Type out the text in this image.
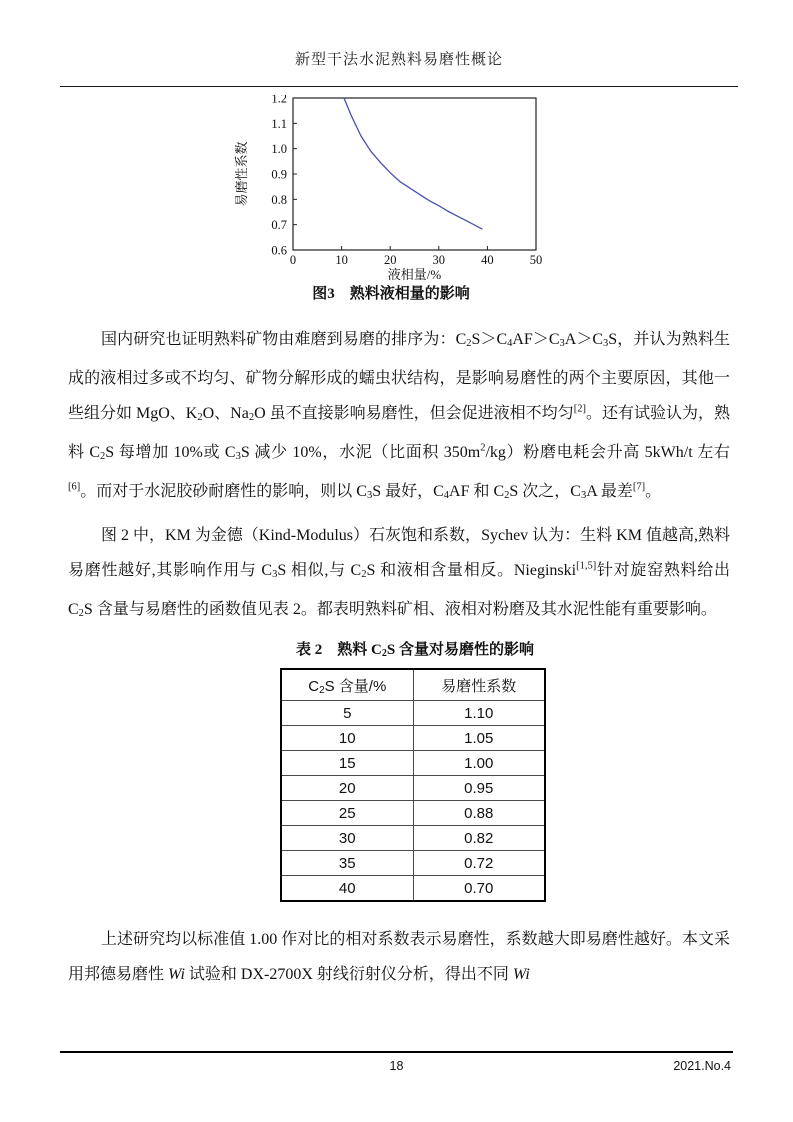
新型干法水泥熟料易磨性概论
0.6
0.7
0.8
0.9
1.0
1.1
1.2
0	10	20	30	40	50
液相量/%
易磨性系数
图3　熟料液相量的影响

国内研究也证明熟料矿物由难磨到易磨的排序为：$C_2S>C_4AF>C_3A>C_3S$，并认为熟料生成的液相过多或不均匀、矿物分解形成的蠕虫状结构，是影响易磨性的两个主要原因，其他一些组分如 MgO、$K_2O$、$Na_2O$ 虽不直接影响易磨性，但会促进液相不均匀[2]。还有试验认为，熟料 $C_2S$ 每增加 10%或 $C_3S$ 减少 10%，水泥（比面积 $350m^2/kg$）粉磨电耗会升高 5kWh/t 左右[6]。而对于水泥胶砂耐磨性的影响，则以 $C_3S$ 最好，$C_4AF$ 和 $C_2S$ 次之，$C_3A$ 最差[7]。

图 2 中，KM 为金德（Kind-Modulus）石灰饱和系数，Sychev 认为：生料 KM 值越高,熟料易磨性越好,其影响作用与 $C_3S$ 相似,与 $C_2S$ 和液相含量相反。Nieginski[1,5]针对旋窑熟料给出 $C_2S$ 含量与易磨性的函数值见表 2。都表明熟料矿相、液相对粉磨及其水泥性能有重要影响。

表 2　熟料 $C_2S$ 含量对易磨性的影响
$C_2S$ 含量/%	易磨性系数
5	1.10
10	1.05
15	1.00
20	0.95
25	0.88
30	0.82
35	0.72
40	0.70

上述研究均以标准值 1.00 作对比的相对系数表示易磨性，系数越大即易磨性越好。本文采用邦德易磨性 Wi 试验和 DX-2700X 射线衍射仪分析，得出不同 Wi

18	2021.No.4
